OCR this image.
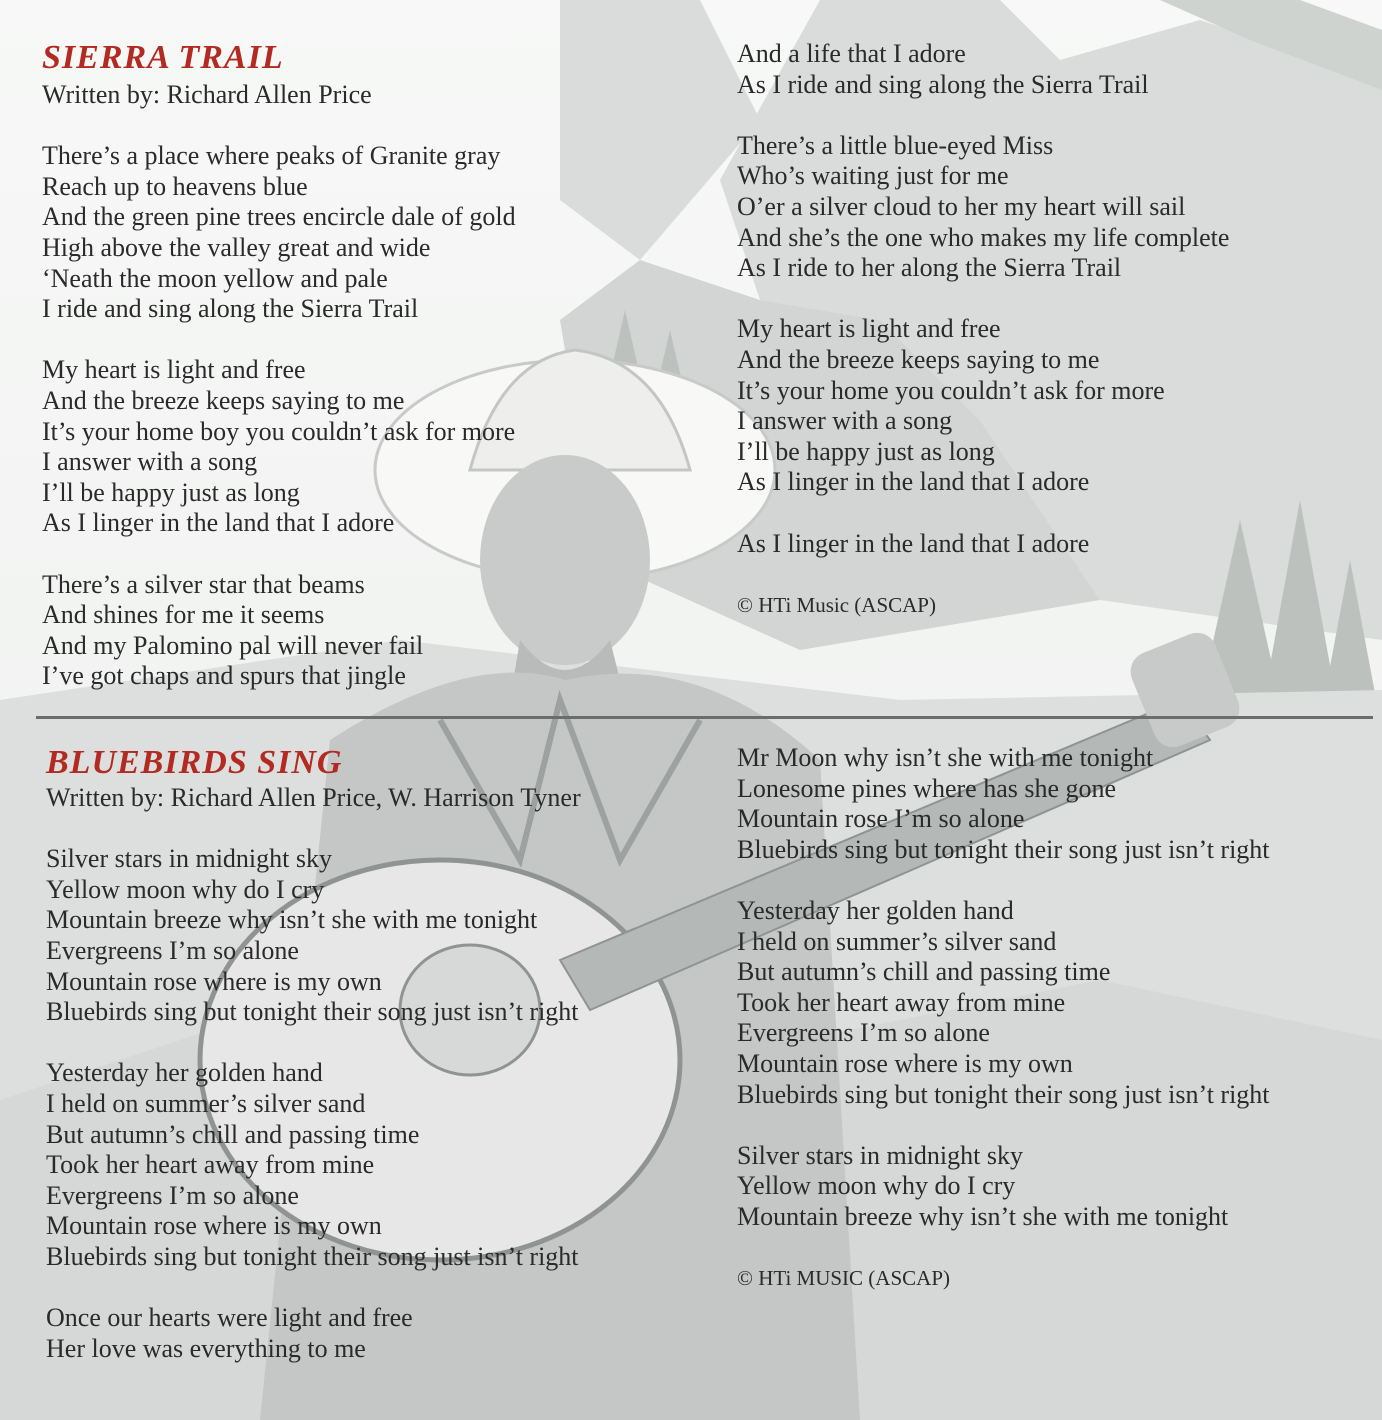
SIERRA TRAIL
Written by: Richard Allen Price
There’s a place where peaks of Granite gray
Reach up to heavens blue
And the green pine trees encircle dale of gold
High above the valley great and wide
‘Neath the moon yellow and pale
I ride and sing along the Sierra Trail
My heart is light and free
And the breeze keeps saying to me
It’s your home boy you couldn’t ask for more
I answer with a song
I’ll be happy just as long
As I linger in the land that I adore
There’s a silver star that beams
And shines for me it seems
And my Palomino pal will never fail
I’ve got chaps and spurs that jingle
And a life that I adore
As I ride and sing along the Sierra Trail
There’s a little blue-eyed Miss
Who’s waiting just for me
O’er a silver cloud to her my heart will sail
And she’s the one who makes my life complete
As I ride to her along the Sierra Trail
My heart is light and free
And the breeze keeps saying to me
It’s your home you couldn’t ask for more
I answer with a song
I’ll be happy just as long
As I linger in the land that I adore
As I linger in the land that I adore
© HTi Music (ASCAP)
BLUEBIRDS SING
Written by: Richard Allen Price, W. Harrison Tyner
Silver stars in midnight sky
Yellow moon why do I cry
Mountain breeze why isn’t she with me tonight
Evergreens I’m so alone
Mountain rose where is my own
Bluebirds sing but tonight their song just isn’t right
Yesterday her golden hand
I held on summer’s silver sand
But autumn’s chill and passing time
Took her heart away from mine
Evergreens I’m so alone
Mountain rose where is my own
Bluebirds sing but tonight their song just isn’t right
Once our hearts were light and free
Her love was everything to me
Mr Moon why isn’t she with me tonight
Lonesome pines where has she gone
Mountain rose I’m so alone
Bluebirds sing but tonight their song just isn’t right
Yesterday her golden hand
I held on summer’s silver sand
But autumn’s chill and passing time
Took her heart away from mine
Evergreens I’m so alone
Mountain rose where is my own
Bluebirds sing but tonight their song just isn’t right
Silver stars in midnight sky
Yellow moon why do I cry
Mountain breeze why isn’t she with me tonight
© HTi MUSIC (ASCAP)
